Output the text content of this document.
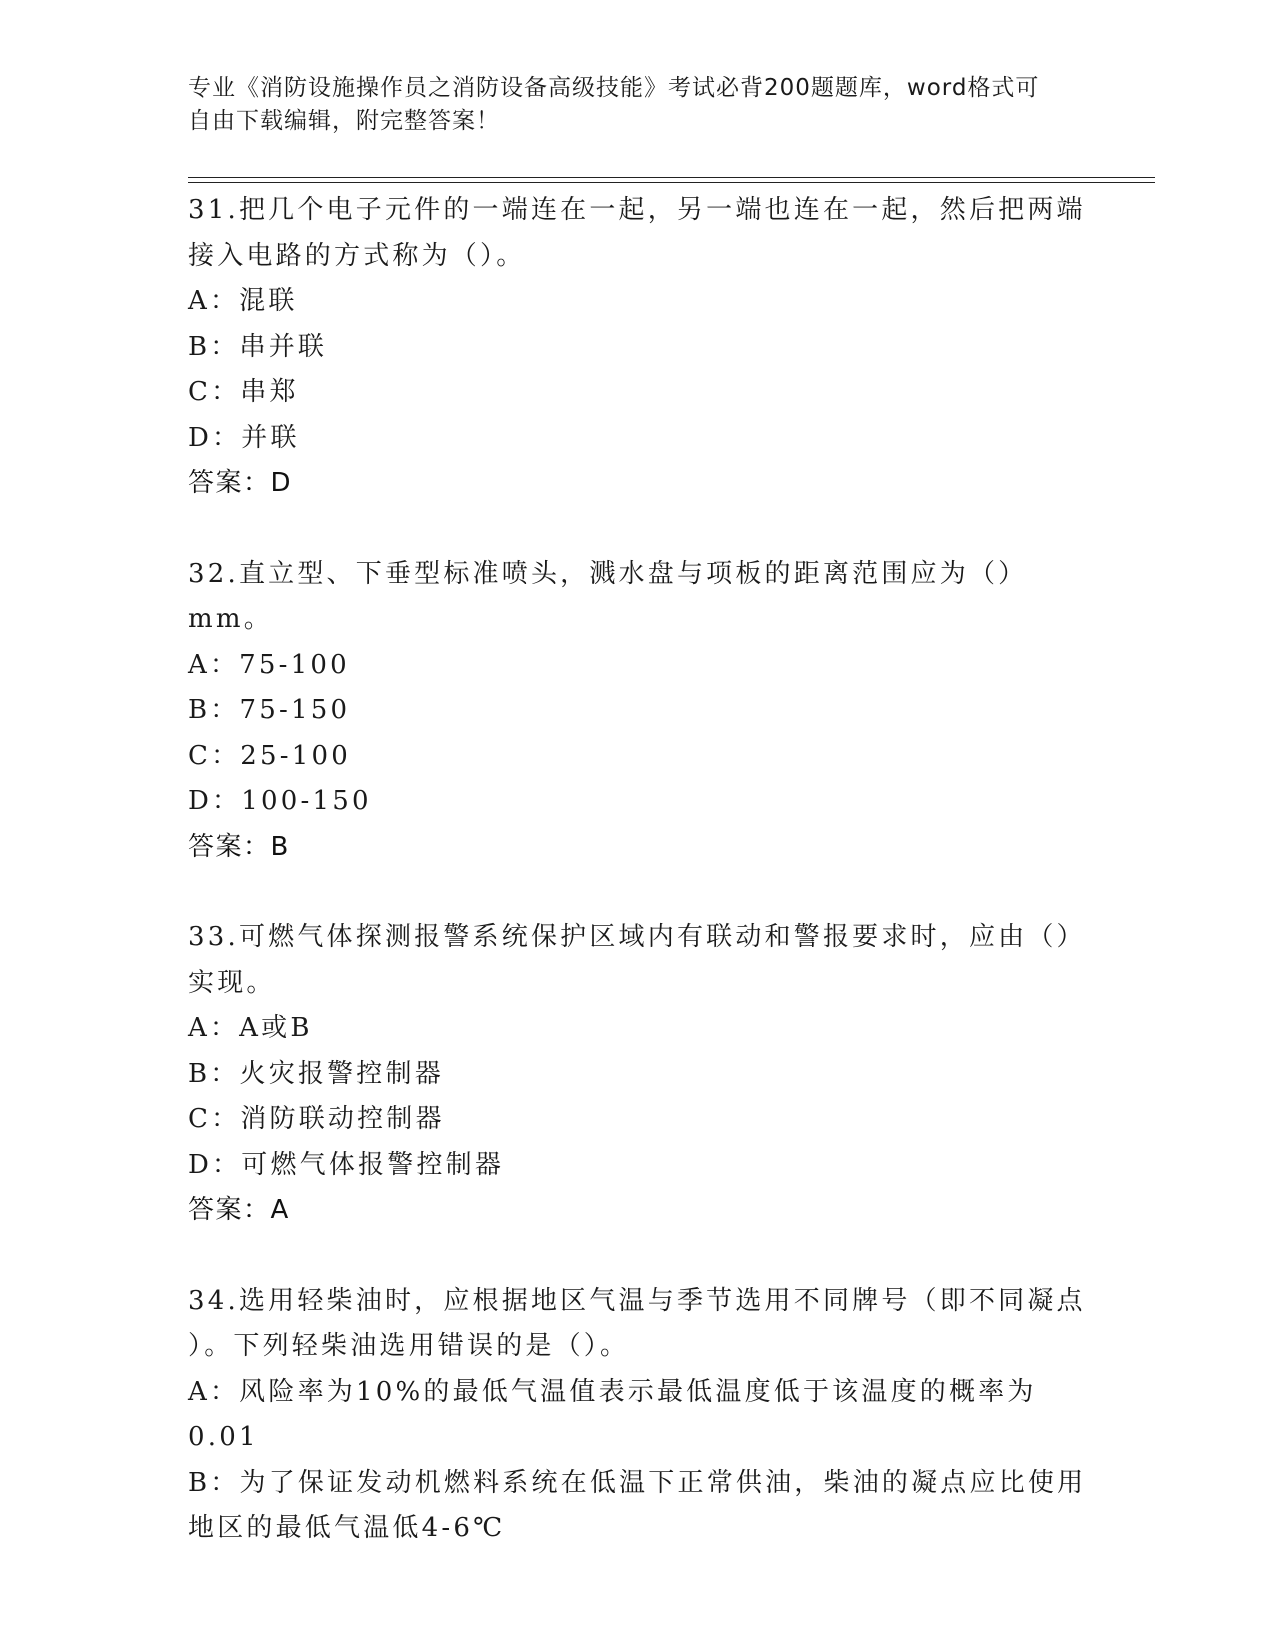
专业《消防设施操作员之消防设备高级技能》考试必背200题题库，word格式可
自由下载编辑，附完整答案！
31.把几个电子元件的一端连在一起，另一端也连在一起，然后把两端
接入电路的方式称为（）。
A：混联
B：串并联
C：串郑
D：并联
答案：D
32.直立型、下垂型标准喷头，溅水盘与项板的距离范围应为（）mm。
A：75-100
B：75-150
C：25-100
D：100-150
答案：B
33.可燃气体探测报警系统保护区域内有联动和警报要求时，应由（）
实现。
A：A或B
B：火灾报警控制器
C：消防联动控制器
D：可燃气体报警控制器
答案：A
34.选用轻柴油时，应根据地区气温与季节选用不同牌号（即不同凝点
）。下列轻柴油选用错误的是（）。
A：风险率为10%的最低气温值表示最低温度低于该温度的概率为0.01
B：为了保证发动机燃料系统在低温下正常供油，柴油的凝点应比使用
地区的最低气温低4-6℃
